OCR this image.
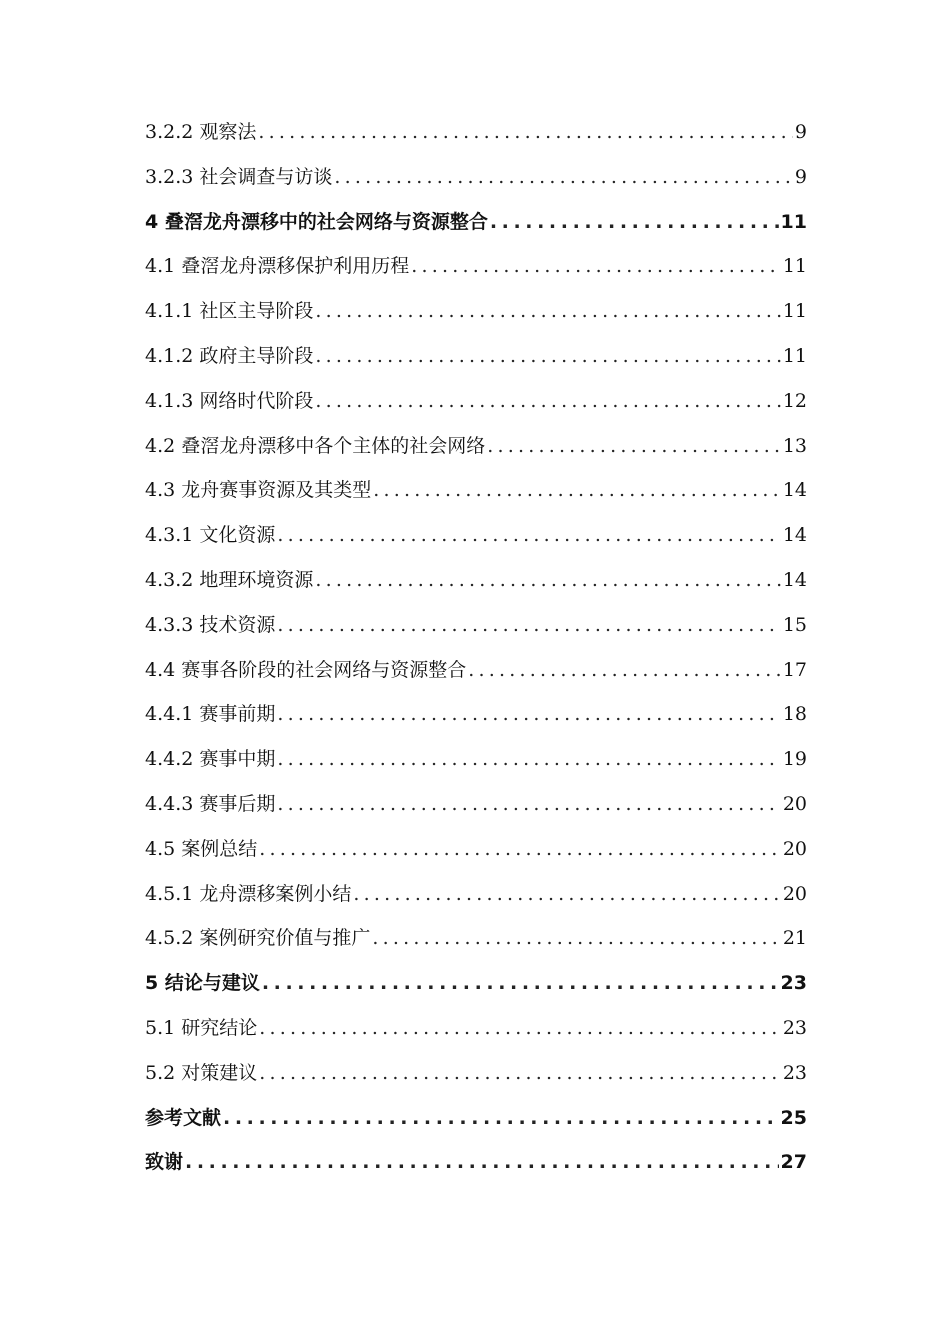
3.2.2 观察法 .....	9
3.2.3 社会调查与访谈 .....	9
4 叠滘龙舟漂移中的社会网络与资源整合 .....	11
4.1 叠滘龙舟漂移保护利用历程 .....	11
4.1.1 社区主导阶段 .....	11
4.1.2 政府主导阶段 .....	11
4.1.3 网络时代阶段 .....	12
4.2 叠滘龙舟漂移中各个主体的社会网络 .....	13
4.3 龙舟赛事资源及其类型 .....	14
4.3.1 文化资源 .....	14
4.3.2 地理环境资源 .....	14
4.3.3 技术资源 .....	15
4.4 赛事各阶段的社会网络与资源整合 .....	17
4.4.1 赛事前期 .....	18
4.4.2 赛事中期 .....	19
4.4.3 赛事后期 .....	20
4.5 案例总结 .....	20
4.5.1 龙舟漂移案例小结 .....	20
4.5.2 案例研究价值与推广 .....	21
5 结论与建议 .....	23
5.1 研究结论 .....	23
5.2 对策建议 .....	23
参考文献 .....	25
致谢 .....	27
